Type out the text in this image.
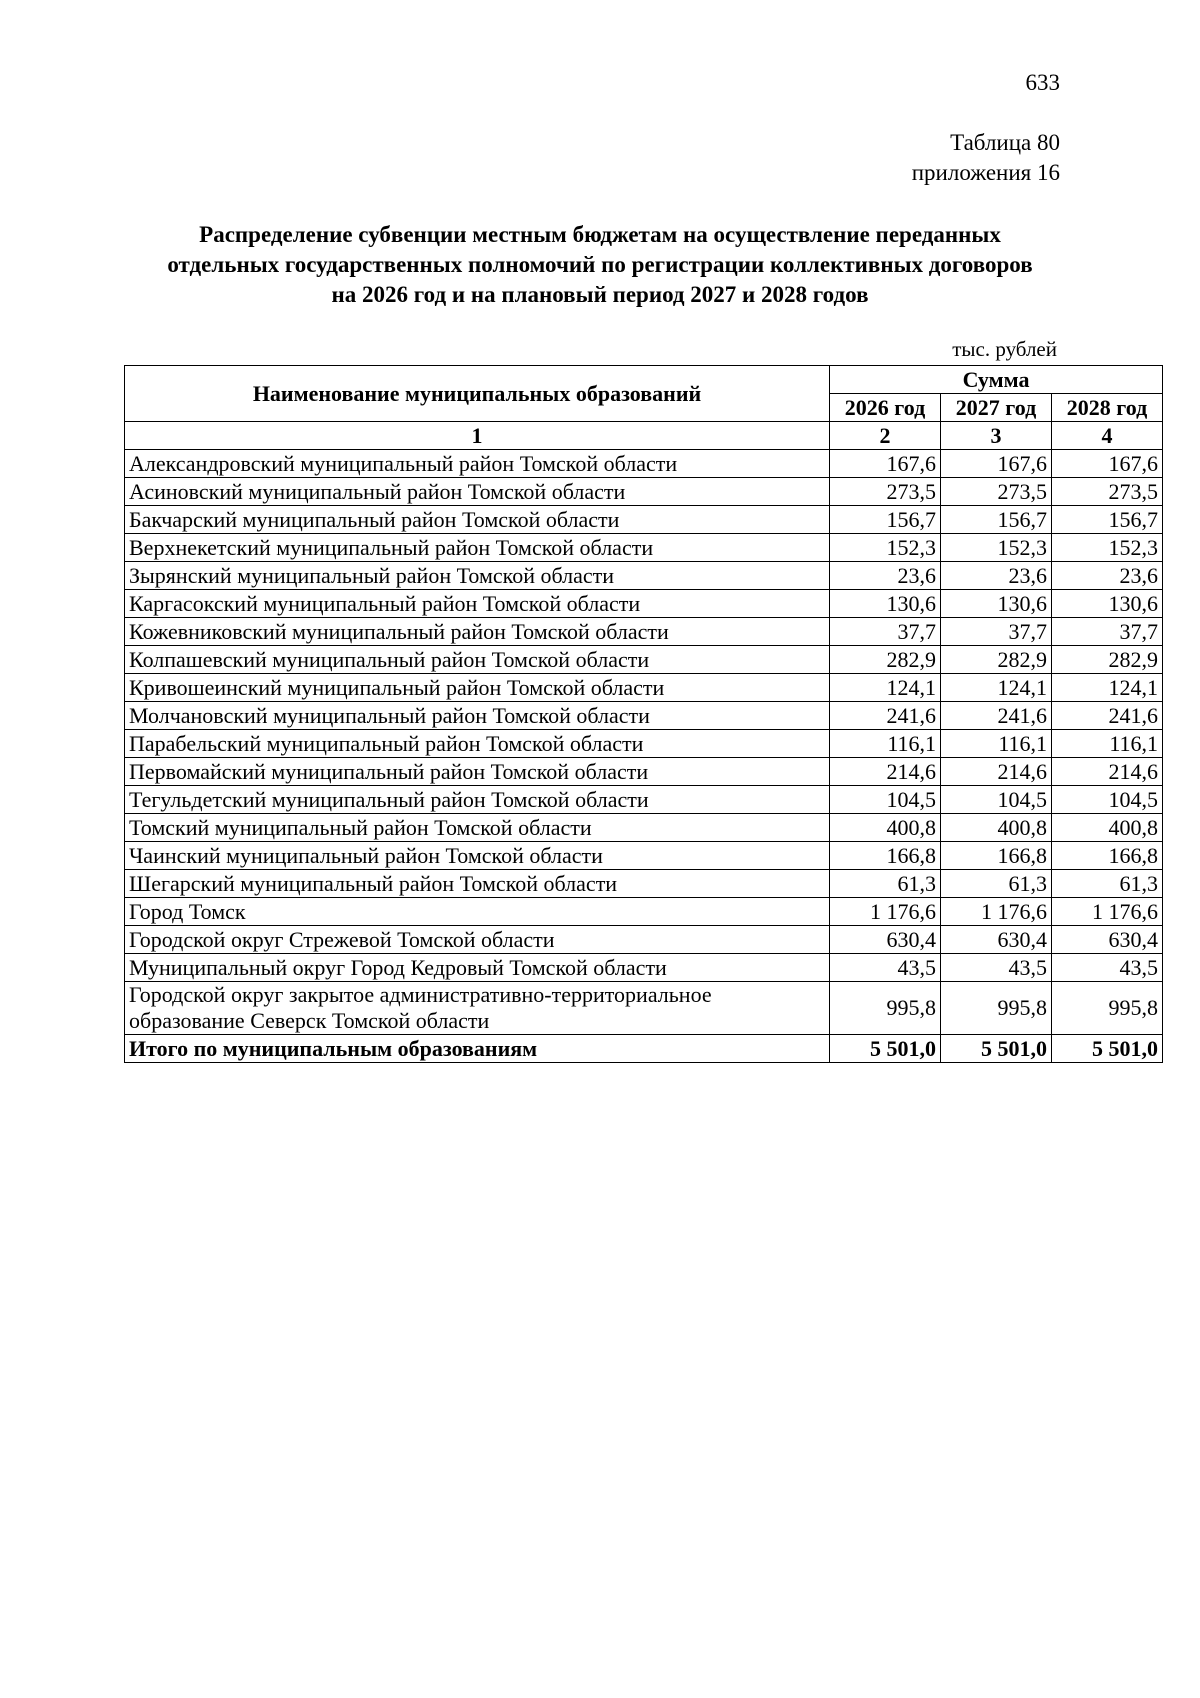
633
Таблица 80
приложения 16
Распределение субвенции местным бюджетам на осуществление переданных
отдельных государственных полномочий по регистрации коллективных договоров
на 2026 год и на плановый период 2027 и 2028 годов
тыс. рублей
Наименование муниципальных образований	Сумма		
	2026 год	2027 год	2028 год
1	2	3	4
Александровский муниципальный район Томской области	167,6	167,6	167,6
Асиновский муниципальный район Томской области	273,5	273,5	273,5
Бакчарский муниципальный район Томской области	156,7	156,7	156,7
Верхнекетский муниципальный район Томской области	152,3	152,3	152,3
Зырянский муниципальный район Томской области	23,6	23,6	23,6
Каргасокский муниципальный район Томской области	130,6	130,6	130,6
Кожевниковский муниципальный район Томской области	37,7	37,7	37,7
Колпашевский муниципальный район Томской области	282,9	282,9	282,9
Кривошеинский муниципальный район Томской области	124,1	124,1	124,1
Молчановский муниципальный район Томской области	241,6	241,6	241,6
Парабельский муниципальный район Томской области	116,1	116,1	116,1
Первомайский муниципальный район Томской области	214,6	214,6	214,6
Тегульдетский муниципальный район Томской области	104,5	104,5	104,5
Томский муниципальный район Томской области	400,8	400,8	400,8
Чаинский муниципальный район Томской области	166,8	166,8	166,8
Шегарский муниципальный район Томской области	61,3	61,3	61,3
Город Томск	1 176,6	1 176,6	1 176,6
Городской округ Стрежевой Томской области	630,4	630,4	630,4
Муниципальный округ Город Кедровый Томской области	43,5	43,5	43,5

Городской округ закрытое административно-территориальное
образование Северск Томской области	995,8	995,8	995,8
Итого по муниципальным образованиям	5 501,0	5 501,0	5 501,0
